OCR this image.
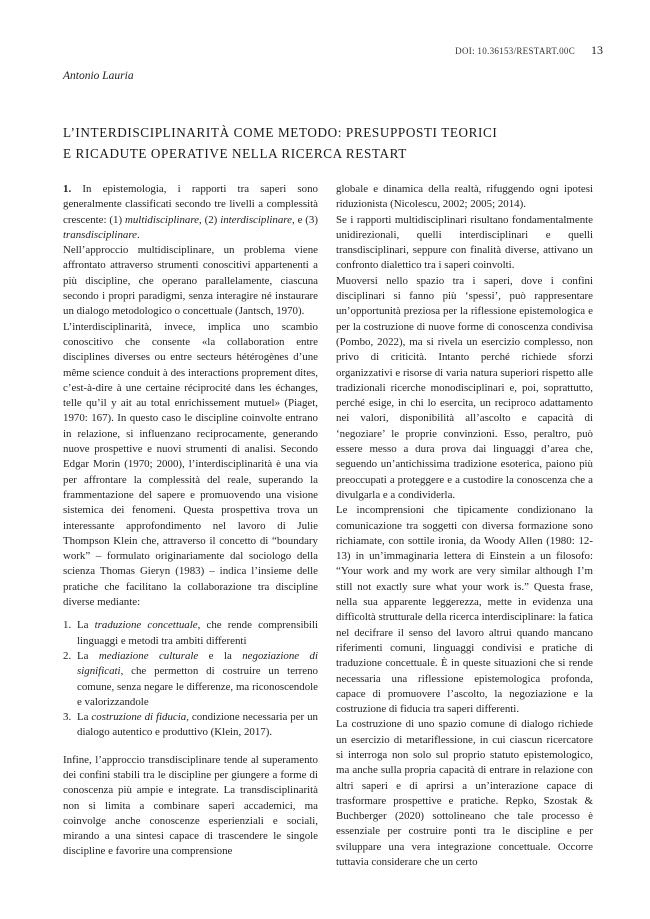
DOI: 10.36153/RESTART.00C 13
Antonio Lauria
L’INTERDISCIPLINARITÀ COME METODO: PRESUPPOSTI TEORICI
E RICADUTE OPERATIVE NELLA RICERCA RESTART

1. In epistemologia, i rapporti tra saperi sono generalmente classificati secondo tre livelli a complessità crescente: (1) multidisciplinare, (2) interdisciplinare, e (3) transdisciplinare.

Nell’approccio multidisciplinare, un problema viene affrontato attraverso strumenti conoscitivi appartenenti a più discipline, che operano parallelamente, ciascuna secondo i propri paradigmi, senza interagire né instaurare un dialogo metodologico o concettuale (Jantsch, 1970).

L’interdisciplinarità, invece, implica uno scambio conoscitivo che consente «la collaboration entre disciplines diverses ou entre secteurs hétérogènes d’une même science conduit à des interactions proprement dites, c’est-à-dire à une certaine réciprocité dans les échanges, telle qu’il y ait au total enrichissement mutuel» (Piaget, 1970: 167). In questo caso le discipline coinvolte entrano in relazione, si influenzano reciprocamente, generando nuove prospettive e nuovi strumenti di analisi. Secondo Edgar Morin (1970; 2000), l’interdisciplinarità è una via per affrontare la complessità del reale, superando la frammentazione del sapere e promuovendo una visione sistemica dei fenomeni. Questa prospettiva trova un interessante approfondimento nel lavoro di Julie Thompson Klein che, attraverso il concetto di “boundary work” – formulato originariamente dal sociologo della scienza Thomas Gieryn (1983) – indica l’insieme delle pratiche che facilitano la collaborazione tra discipline diverse mediante:

1. La traduzione concettuale, che rende comprensibili linguaggi e metodi tra ambiti differenti
2. La mediazione culturale e la negoziazione di significati, che permetton di costruire un terreno comune, senza negare le differenze, ma riconoscendole e valorizzandole
3. La costruzione di fiducia, condizione necessaria per un dialogo autentico e produttivo (Klein, 2017).

Infine, l’approccio transdisciplinare tende al superamento dei confini stabili tra le discipline per giungere a forme di conoscenza più ampie e integrate. La transdisciplinarità non si limita a combinare saperi accademici, ma coinvolge anche conoscenze esperienziali e sociali, mirando a una sintesi capace di trascendere le singole discipline e favorire una comprensione

globale e dinamica della realtà, rifuggendo ogni ipotesi riduzionista (Nicolescu, 2002; 2005; 2014).

Se i rapporti multidisciplinari risultano fondamentalmente unidirezionali, quelli interdisciplinari e quelli transdisciplinari, seppure con finalità diverse, attivano un confronto dialettico tra i saperi coinvolti.

Muoversi nello spazio tra i saperi, dove i confini disciplinari si fanno più ‘spessi’, può rappresentare un’opportunità preziosa per la riflessione epistemologica e per la costruzione di nuove forme di conoscenza condivisa (Pombo, 2022), ma si rivela un esercizio complesso, non privo di criticità. Intanto perché richiede sforzi organizzativi e risorse di varia natura superiori rispetto alle tradizionali ricerche monodisciplinari e, poi, soprattutto, perché esige, in chi lo esercita, un reciproco adattamento nei valori, disponibilità all’ascolto e capacità di ‘negoziare’ le proprie convinzioni. Esso, peraltro, può essere messo a dura prova dai linguaggi d’area che, seguendo un’antichissima tradizione esoterica, paiono più preoccupati a proteggere e a custodire la conoscenza che a divulgarla e a condividerla.

Le incomprensioni che tipicamente condizionano la comunicazione tra soggetti con diversa formazione sono richiamate, con sottile ironia, da Woody Allen (1980: 12-13) in un’immaginaria lettera di Einstein a un filosofo: “Your work and my work are very similar although I’m still not exactly sure what your work is.” Questa frase, nella sua apparente leggerezza, mette in evidenza una difficoltà strutturale della ricerca interdisciplinare: la fatica nel decifrare il senso del lavoro altrui quando mancano riferimenti comuni, linguaggi condivisi e pratiche di traduzione concettuale. È in queste situazioni che si rende necessaria una riflessione epistemologica profonda, capace di promuovere l’ascolto, la negoziazione e la costruzione di fiducia tra saperi differenti.

La costruzione di uno spazio comune di dialogo richiede un esercizio di metariflessione, in cui ciascun ricercatore si interroga non solo sul proprio statuto epistemologico, ma anche sulla propria capacità di entrare in relazione con altri saperi e di aprirsi a un’interazione capace di trasformare prospettive e pratiche. Repko, Szostak & Buchberger (2020) sottolineano che tale processo è essenziale per costruire ponti tra le discipline e per sviluppare una vera integrazione concettuale. Occorre tuttavia considerare che un certo
